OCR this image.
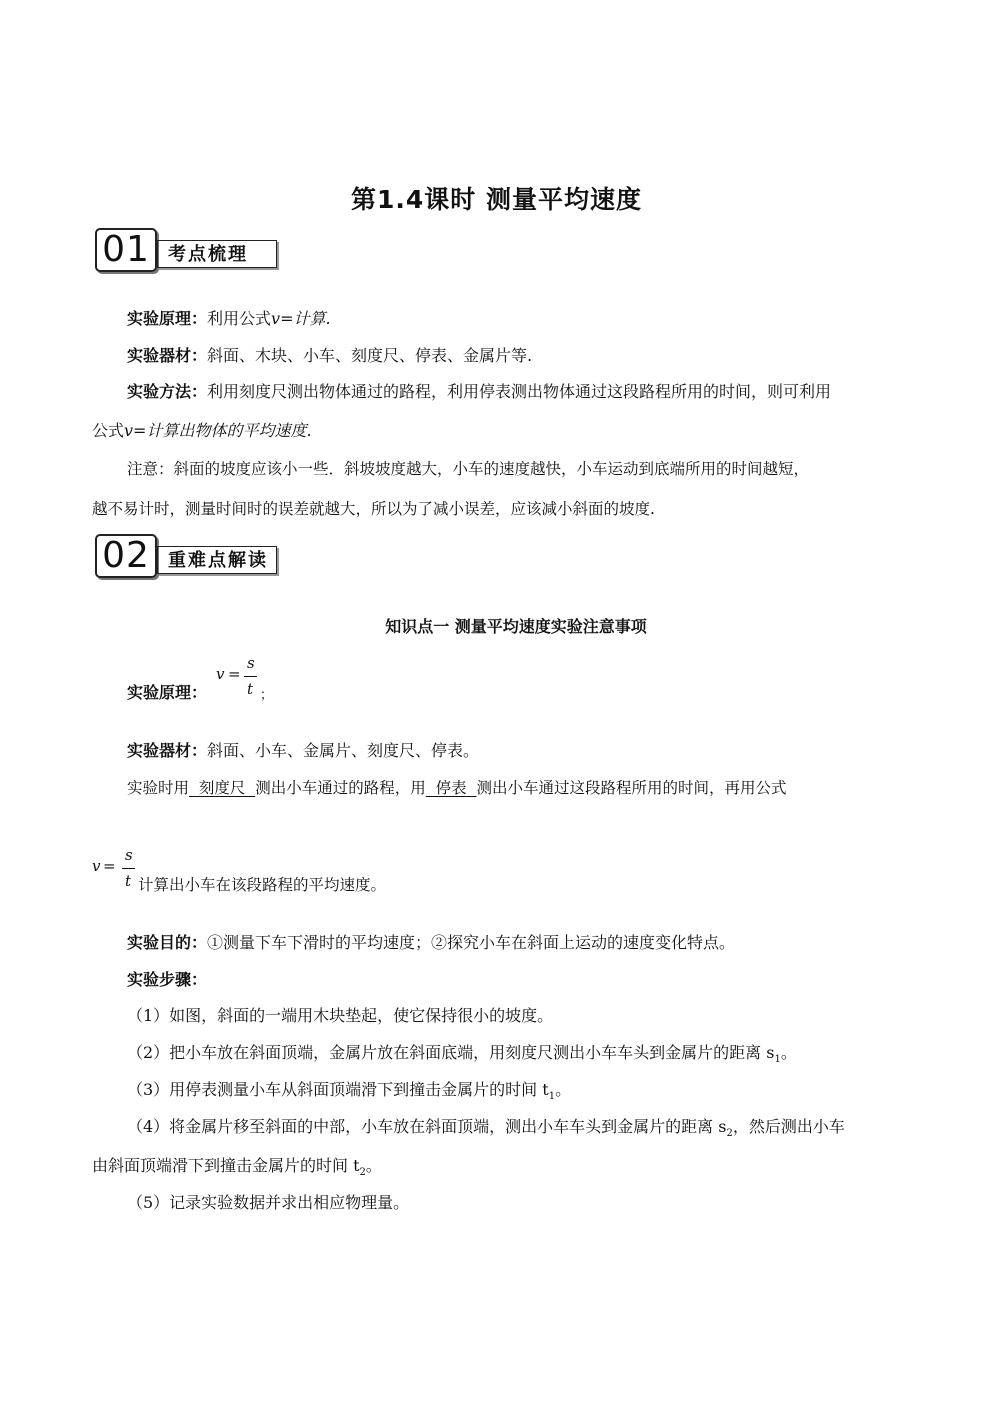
第1.4课时 测量平均速度
01	考点梳理
实验原理：利用公式v=计算.
实验器材：斜面、木块、小车、刻度尺、停表、金属片等.
实验方法：利用刻度尺测出物体通过的路程，利用停表测出物体通过这段路程所用的时间，则可利用
公式v=计算出物体的平均速度.
注意：斜面的坡度应该小一些．斜坡坡度越大，小车的速度越快，小车运动到底端所用的时间越短，
越不易计时，测量时间时的误差就越大，所以为了减小误差，应该减小斜面的坡度.
02	重难点解读
知识点一 测量平均速度实验注意事项
实验原理：
v =
s
t ；
实验器材：斜面、小车、金属片、刻度尺、停表。
实验时用  刻度尺  测出小车通过的路程，用  停表  测出小车通过这段路程所用的时间，再用公式
v =
s
t 计算出小车在该段路程的平均速度。
实验目的：①测量下车下滑时的平均速度；②探究小车在斜面上运动的速度变化特点。
实验步骤：
（1）如图，斜面的一端用木块垫起，使它保持很小的坡度。
（2）把小车放在斜面顶端，金属片放在斜面底端，用刻度尺测出小车车头到金属片的距离 $s_1$。
（3）用停表测量小车从斜面顶端滑下到撞击金属片的时间 $t_1$。
（4）将金属片移至斜面的中部，小车放在斜面顶端，测出小车车头到金属片的距离 $s_2$，然后测出小车
由斜面顶端滑下到撞击金属片的时间 $t_2$。
（5）记录实验数据并求出相应物理量。
